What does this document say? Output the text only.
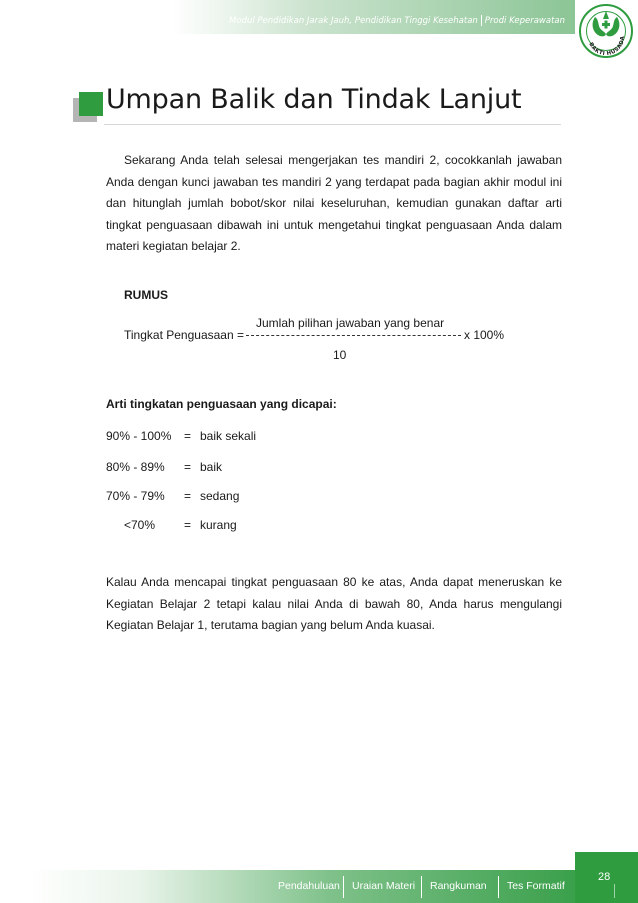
Modul Pendidikan Jarak Jauh, Pendidikan Tinggi Kesehatan Prodi Keperawatan
BAKTI HUSADA
Umpan Balik dan Tindak Lanjut
Sekarang Anda telah selesai mengerjakan tes mandiri 2, cocokkanlah jawaban Anda dengan kunci jawaban tes mandiri 2 yang terdapat pada bagian akhir modul ini dan hitunglah jumlah bobot/skor nilai keseluruhan, kemudian gunakan daftar arti tingkat penguasaan dibawah ini untuk mengetahui tingkat penguasaan Anda dalam materi kegiatan belajar 2.
RUMUS
Jumlah pilihan jawaban yang benar
Tingkat Penguasaan =	x 100%
10
Arti tingkatan penguasaan yang dicapai:
90% - 100% = baik sekali
80% - 89% = baik
70% - 79% = sedang
<70% = kurang
Kalau Anda mencapai tingkat penguasaan 80 ke atas, Anda dapat meneruskan ke Kegiatan Belajar 2 tetapi kalau nilai Anda di bawah 80, Anda harus mengulangi Kegiatan Belajar 1, terutama bagian yang belum Anda kuasai.
Pendahuluan Uraian Materi Rangkuman Tes Formatif
28
